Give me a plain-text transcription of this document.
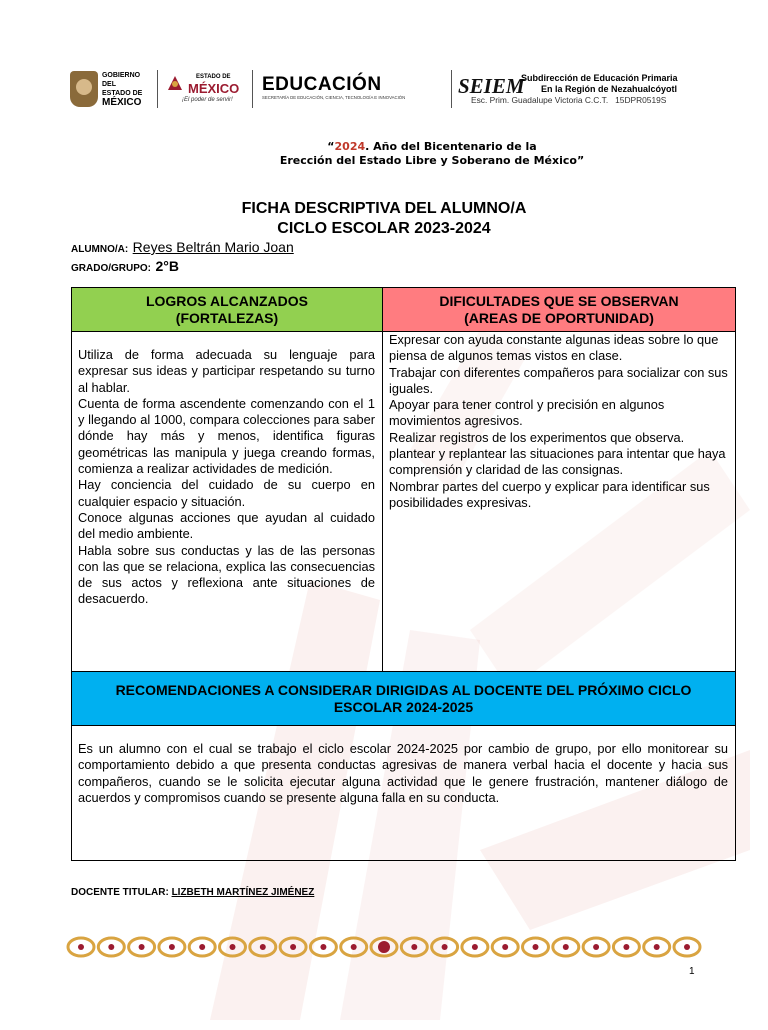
GOBIERNO DEL
ESTADO DE
MÉXICO
ESTADO DE
MÉXICO
¡El poder de servir!
EDUCACIÓN
SECRETARÍA DE EDUCACIÓN, CIENCIA, TECNOLOGÍA E INNOVACIÓN	SEIEM
Subdirección de Educación Primaria
En la Región de Nezahualcóyotl
Esc. Prim. Guadalupe Victoria C.C.T.   15DPR0519S
“2024. Año del Bicentenario de la
Erección del Estado Libre y Soberano de México”
FICHA DESCRIPTIVA DEL ALUMNO/A
CICLO ESCOLAR 2023-2024
ALUMNO/A: Reyes Beltrán Mario Joan
GRADO/GRUPO: 2°B
LOGROS ALCANZADOS
(FORTALEZAS)
DIFICULTADES QUE SE OBSERVAN
(AREAS DE OPORTUNIDAD)

Utiliza de forma adecuada su lenguaje para expresar sus ideas y participar respetando su turno al hablar.

Cuenta de forma ascendente comenzando con el 1 y llegando al 1000, compara colecciones para saber dónde hay más y menos, identifica figuras geométricas las manipula y juega creando formas, comienza a realizar actividades de medición.

Hay conciencia del cuidado de su cuerpo en cualquier espacio y situación.

Conoce algunas acciones que ayudan al cuidado del medio ambiente.

Habla sobre sus conductas y las de las personas con las que se relaciona, explica las consecuencias de sus actos y reflexiona ante situaciones de desacuerdo.

Expresar con ayuda constante algunas ideas sobre lo que piensa de algunos temas vistos en clase.

Trabajar con diferentes compañeros para socializar con sus iguales.

Apoyar para tener control y precisión en algunos movimientos agresivos.

Realizar registros de los experimentos que observa.

plantear y replantear las situaciones para intentar que haya comprensión y claridad de las consignas.

Nombrar partes del cuerpo y explicar para identificar sus posibilidades expresivas.

RECOMENDACIONES A CONSIDERAR DIRIGIDAS AL DOCENTE DEL PRÓXIMO CICLO ESCOLAR 2024-2025

Es un alumno con el cual se trabajo el ciclo escolar 2024-2025 por cambio de grupo, por ello monitorear su comportamiento debido a que presenta conductas agresivas de manera verbal hacia el docente y hacia sus compañeros, cuando se le solicita ejecutar alguna actividad que le genere frustración, mantener diálogo de acuerdos y compromisos cuando se presente alguna falla en su conducta.

DOCENTE TITULAR: LIZBETH MARTÍNEZ JIMÉNEZ
1
